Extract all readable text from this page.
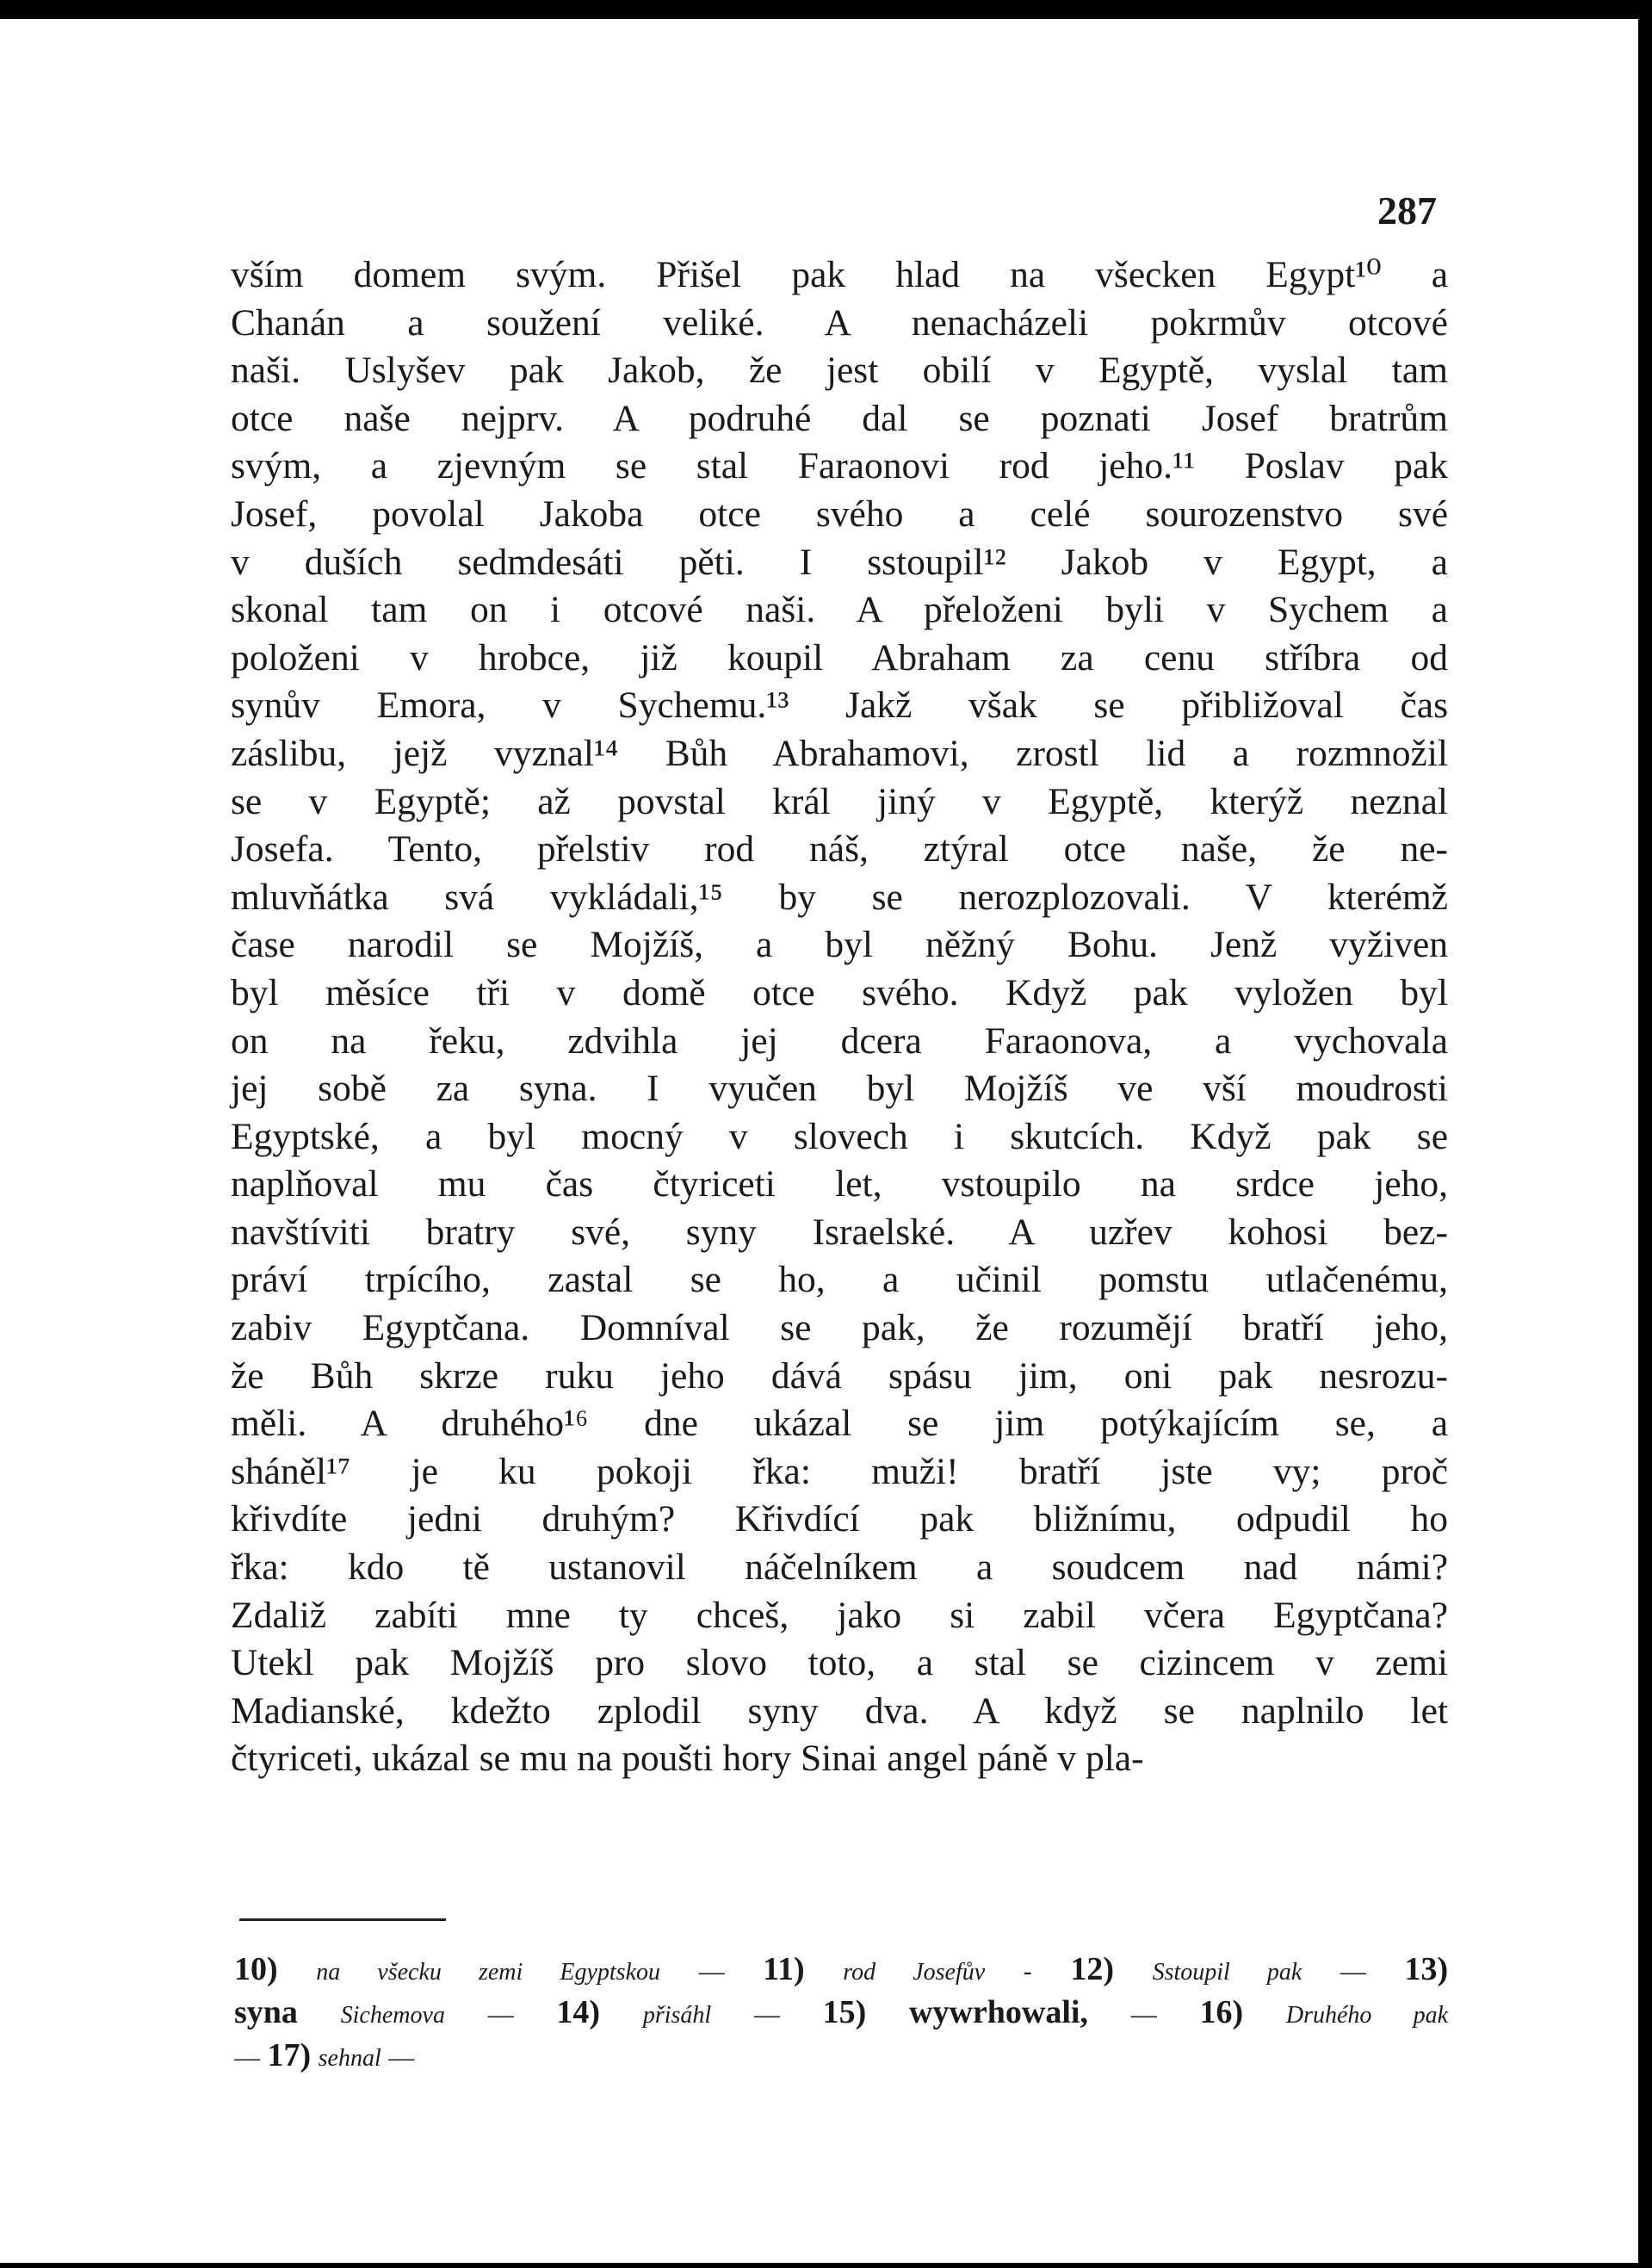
287
vším domem svým. Přišel pak hlad na všecken Egypt¹⁰ a
Chanán a soužení veliké. A nenacházeli pokrmův otcové
naši. Uslyšev pak Jakob, že jest obilí v Egyptě, vyslal tam
otce naše nejprv. A podruhé dal se poznati Josef bratrům
svým, a zjevným se stal Faraonovi rod jeho.¹¹ Poslav pak
Josef, povolal Jakoba otce svého a celé sourozenstvo své
v duších sedmdesáti pěti. I sstoupil¹² Jakob v Egypt, a
skonal tam on i otcové naši. A přeloženi byli v Sychem a
položeni v hrobce, již koupil Abraham za cenu stříbra od
synův Emora, v Sychemu.¹³ Jakž však se přibližoval čas
záslibu, jejž vyznal¹⁴ Bůh Abrahamovi, zrostl lid a rozmnožil
se v Egyptě; až povstal král jiný v Egyptě, kterýž neznal
Josefa. Tento, přelstiv rod náš, ztýral otce naše, že ne-
mluvňátka svá vykládali,¹⁵ by se nerozplozovali. V kterémž
čase narodil se Mojžíš, a byl něžný Bohu. Jenž vyživen
byl měsíce tři v domě otce svého. Když pak vyložen byl
on na řeku, zdvihla jej dcera Faraonova, a vychovala
jej sobě za syna. I vyučen byl Mojžíš ve vší moudrosti
Egyptské, a byl mocný v slovech i skutcích. Když pak se
naplňoval mu čas čtyriceti let, vstoupilo na srdce jeho,
navštíviti bratry své, syny Israelské. A uzřev kohosi bez-
práví trpícího, zastal se ho, a učinil pomstu utlačenému,
zabiv Egyptčana. Domníval se pak, že rozumějí bratří jeho,
že Bůh skrze ruku jeho dává spásu jim, oni pak nesrozu-
měli. A druhého¹⁶ dne ukázal se jim potýkajícím se, a
sháněl¹⁷ je ku pokoji řka: muži! bratří jste vy; proč
křivdíte jedni druhým? Křivdící pak bližnímu, odpudil ho
řka: kdo tě ustanovil náčelníkem a soudcem nad námi?
Zdaliž zabíti mne ty chceš, jako si zabil včera Egyptčana?
Utekl pak Mojžíš pro slovo toto, a stal se cizincem v zemi
Madianské, kdežto zplodil syny dva. A když se naplnilo let
čtyriceti, ukázal se mu na poušti hory Sinai angel páně v pla-
10) na všecku zemi Egyptskou — 11) rod Josefův - 12) Sstoupil pak — 13)
syna Sichemova — 14) přisáhl — 15) wywrhowali, — 16) Druhého pak
— 17) sehnal —
